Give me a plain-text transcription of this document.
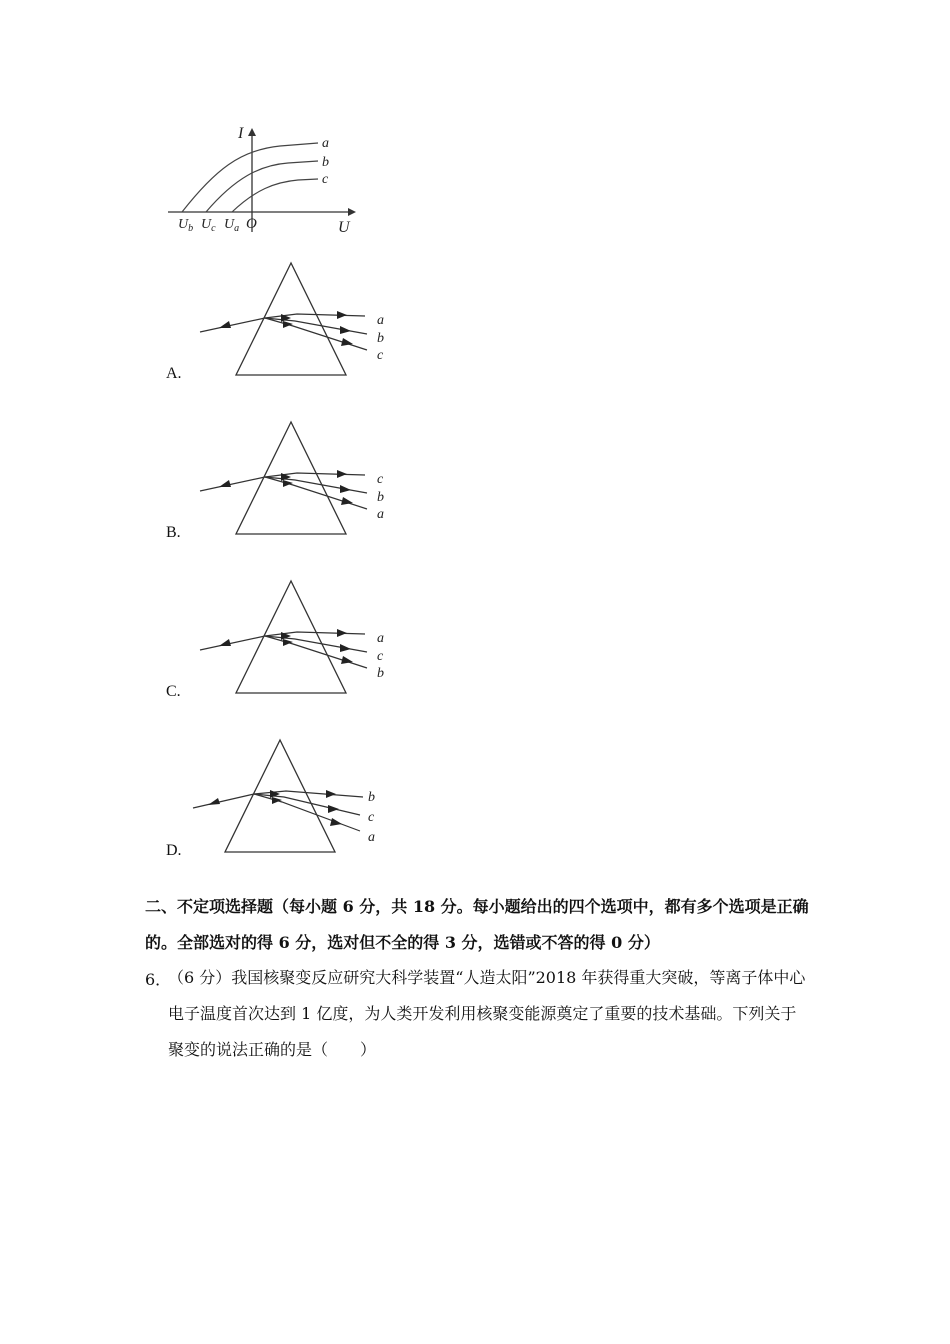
I
U
O
a
b
c
$U_b$ $U_c$ $U_a$
A.
a
b
c
B.
c
b
a
C.
a
c
b
D.
b
c
a
二、不定项选择题（每小题 6 分，共 18 分。每小题给出的四个选项中，都有多个选项是正确的。全部选对的得 6 分，选对但不全的得 3 分，选错或不答的得 0 分）
6．
（6 分）我国核聚变反应研究大科学装置“人造太阳”2018 年获得重大突破，等离子体中心电子温度首次达到 1 亿度，为人类开发利用核聚变能源奠定了重要的技术基础。下列关于聚变的说法正确的是（　　）
